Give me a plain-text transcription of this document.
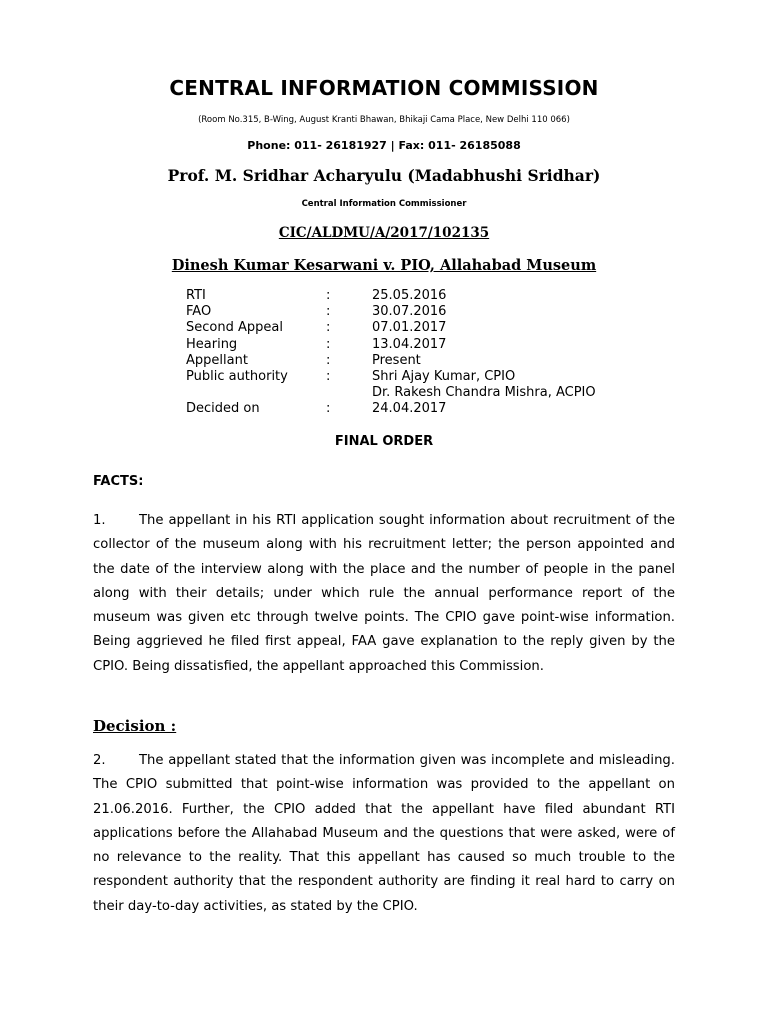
CENTRAL INFORMATION COMMISSION
(Room No.315, B-Wing, August Kranti Bhawan, Bhikaji Cama Place, New Delhi 110 066)
Phone: 011- 26181927 | Fax: 011- 26185088
Prof. M. Sridhar Acharyulu (Madabhushi Sridhar)
Central Information Commissioner
CIC/ALDMU/A/2017/102135
Dinesh Kumar Kesarwani v. PIO, Allahabad Museum
RTI	:	25.05.2016
FAO	:	30.07.2016
Second Appeal	:	07.01.2017
Hearing	:	13.04.2017
Appellant	:	Present
Public authority	:	Shri Ajay Kumar, CPIO
Dr. Rakesh Chandra Mishra, ACPIO
Decided on	:	24.04.2017
FINAL ORDER
FACTS:
1.	The appellant in his RTI application sought information about recruitment of the collector of the museum along with his recruitment letter; the person appointed and the date of the interview along with the place and the number of people in the panel along with their details; under which rule the annual performance report of the museum was given etc through twelve points. The CPIO gave point-wise information. Being aggrieved he filed first appeal, FAA gave explanation to the reply given by the CPIO. Being dissatisfied, the appellant approached this Commission.
Decision :
2.	The appellant stated that the information given was incomplete and misleading. The CPIO submitted that point-wise information was provided to the appellant on 21.06.2016. Further, the CPIO added that the appellant have filed abundant RTI applications before the Allahabad Museum and the questions that were asked, were of no relevance to the reality. That this appellant has caused so much trouble to the respondent authority that the respondent authority are finding it real hard to carry on their day-to-day activities, as stated by the CPIO.
